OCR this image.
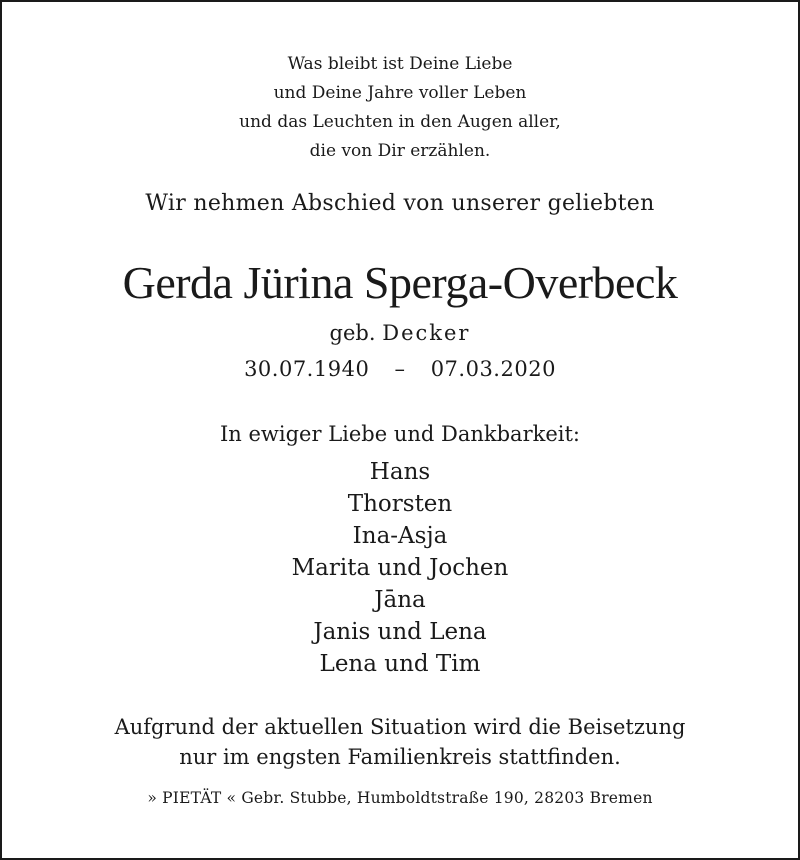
Was bleibt ist Deine Liebe
und Deine Jahre voller Leben
und das Leuchten in den Augen aller,
die von Dir erzählen.
Wir nehmen Abschied von unserer geliebten
Gerda Jürina Sperga-Overbeck
geb. Decker
30.07.1940 – 07.03.2020
In ewiger Liebe und Dankbarkeit:
Hans
Thorsten
Ina-Asja
Marita und Jochen
Jāna
Janis und Lena
Lena und Tim
Aufgrund der aktuellen Situation wird die Beisetzung
nur im engsten Familienkreis stattfinden.
» PIETÄT « Gebr. Stubbe, Humboldtstraße 190, 28203 Bremen
